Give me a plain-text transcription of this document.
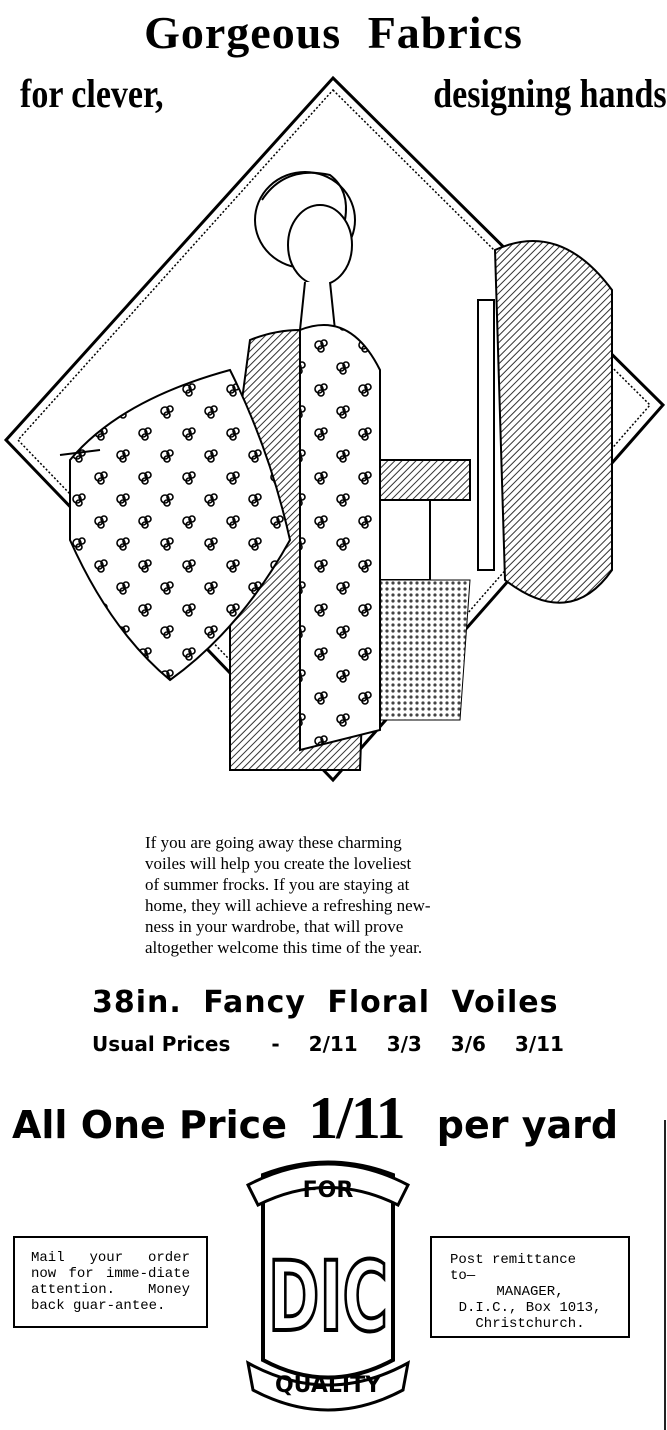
Gorgeous Fabrics
for clever,	designing hands
If you are going away these charming
voiles will help you create the loveliest
of summer frocks. If you are staying at
home, they will achieve a refreshing new-
ness in your wardrobe, that will prove
altogether welcome this time of the year.
38in. Fancy Floral Voiles
Usual Prices - 2/11 3/3 3/6 3/11
All One Price 1/11 per yard
Mail your order now for imme-diate attention. Money back guar-antee.
FOR
DIC
QUALITY
Post remittance
to—
MANAGER,
D.I.C., Box 1013,
Christchurch.
